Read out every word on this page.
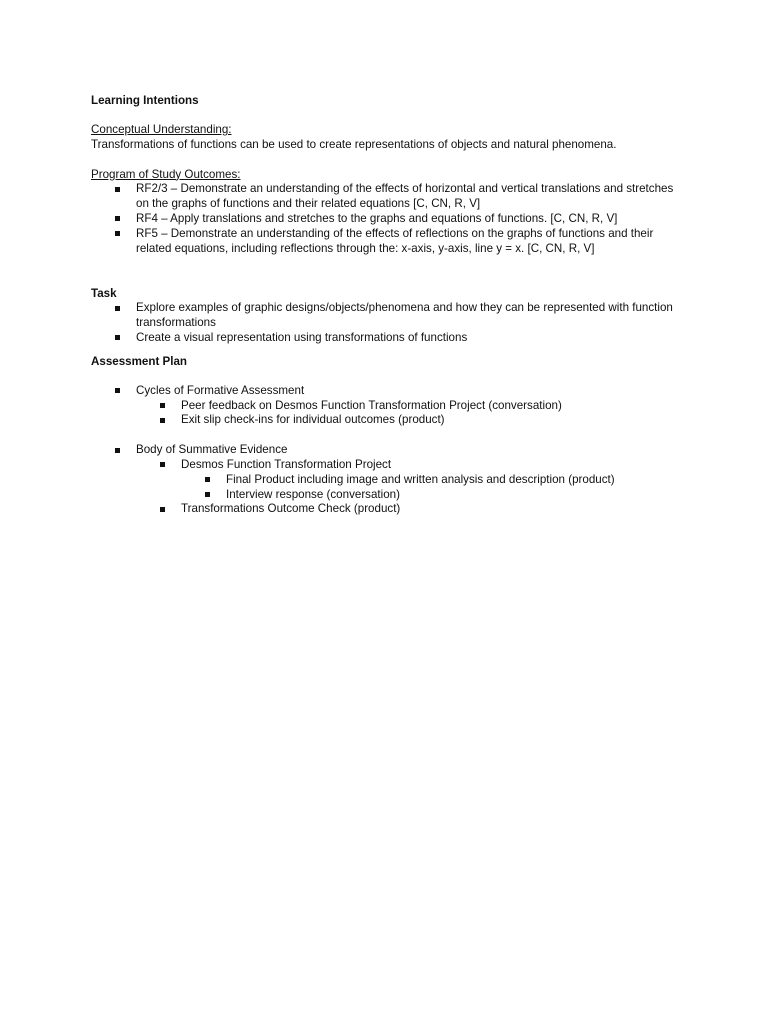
Learning Intentions

Conceptual Understanding:

Transformations of functions can be used to create representations of objects and natural phenomena.

Program of Study Outcomes:

RF2/3 – Demonstrate an understanding of the effects of horizontal and vertical translations and stretches on the graphs of functions and their related equations [C, CN, R, V]
RF4 – Apply translations and stretches to the graphs and equations of functions. [C, CN, R, V]
RF5 – Demonstrate an understanding of the effects of reflections on the graphs of functions and their related equations, including reflections through the: x-axis, y-axis, line y = x. [C, CN, R, V]

Task

Explore examples of graphic designs/objects/phenomena and how they can be represented with function transformations
Create a visual representation using transformations of functions

Assessment Plan

Cycles of Formative Assessment
Peer feedback on Desmos Function Transformation Project (conversation)
Exit slip check-ins for individual outcomes (product)
Body of Summative Evidence
Desmos Function Transformation Project
Final Product including image and written analysis and description (product)
Interview response (conversation)
Transformations Outcome Check (product)
